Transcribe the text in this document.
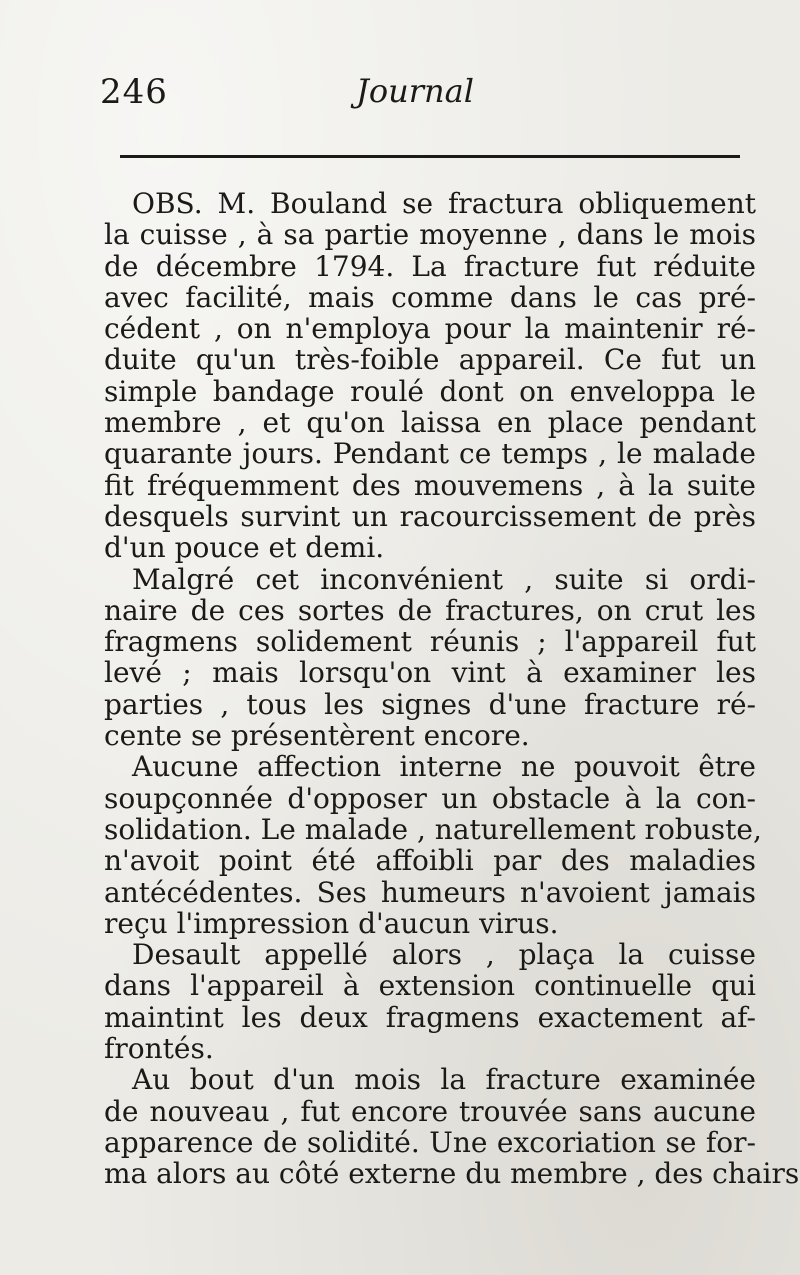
246	Journal
OBS. M. Bouland se fractura obliquement
la cuisse , à sa partie moyenne , dans le mois
de décembre 1794. La fracture fut réduite
avec facilité, mais comme dans le cas pré-
cédent , on n'employa pour la maintenir ré-
duite qu'un très-foible appareil. Ce fut un
simple bandage roulé dont on enveloppa le
membre , et qu'on laissa en place pendant
quarante jours. Pendant ce temps , le malade
fit fréquemment des mouvemens , à la suite
desquels survint un racourcissement de près
d'un pouce et demi.
Malgré cet inconvénient , suite si ordi-
naire de ces sortes de fractures, on crut les
fragmens solidement réunis ; l'appareil fut
levé ; mais lorsqu'on vint à examiner les
parties , tous les signes d'une fracture ré-
cente se présentèrent encore.
Aucune affection interne ne pouvoit être
soupçonnée d'opposer un obstacle à la con-
solidation. Le malade , naturellement robuste,
n'avoit point été affoibli par des maladies
antécédentes. Ses humeurs n'avoient jamais
reçu l'impression d'aucun virus.
Desault appellé alors , plaça la cuisse
dans l'appareil à extension continuelle qui
maintint les deux fragmens exactement af-
frontés.
Au bout d'un mois la fracture examinée
de nouveau , fut encore trouvée sans aucune
apparence de solidité. Une excoriation se for-
ma alors au côté externe du membre , des chairs
